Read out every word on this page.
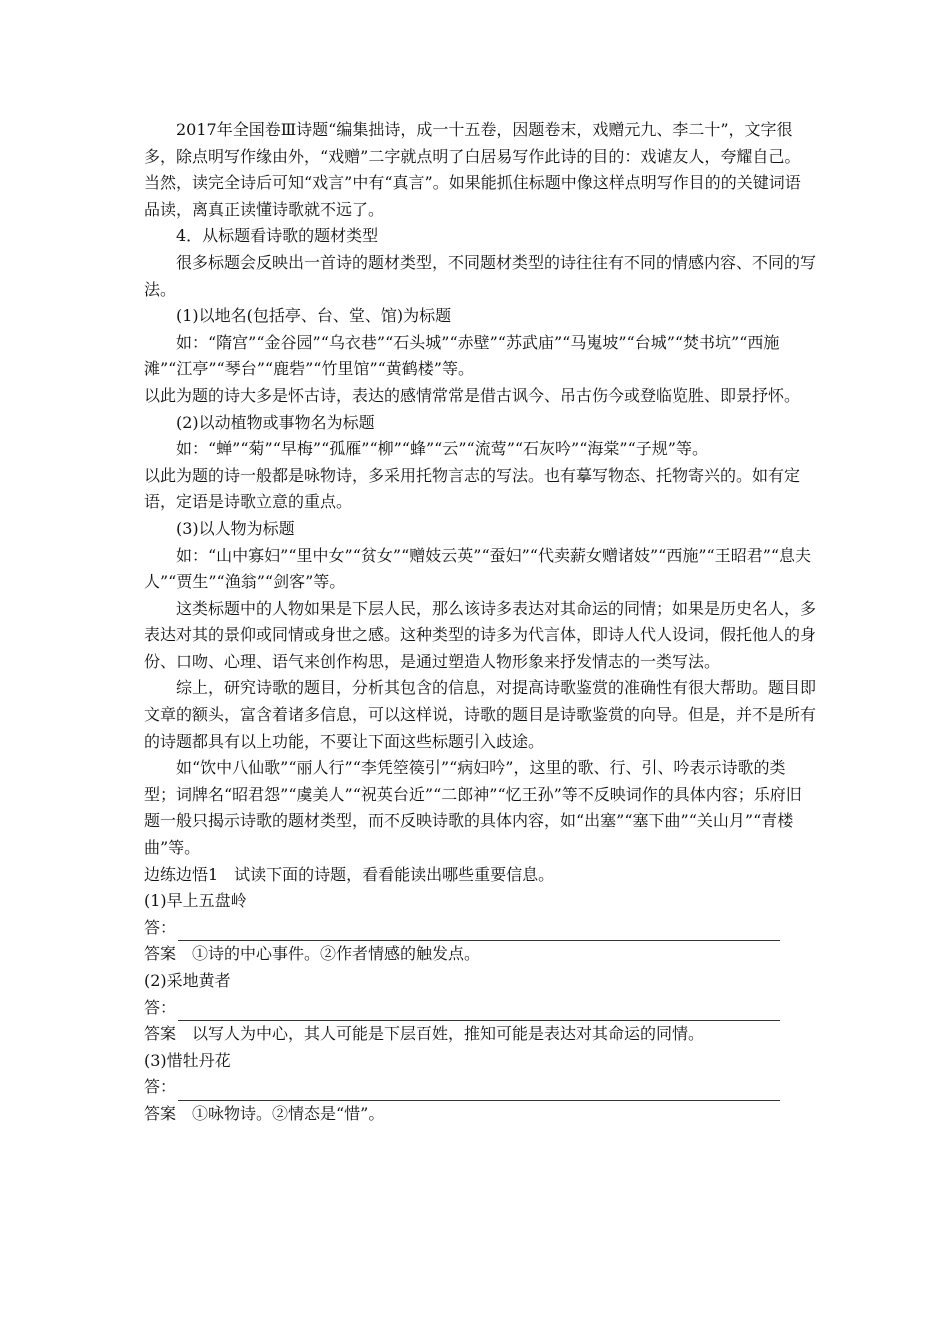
2017年全国卷Ⅲ诗题“编集拙诗，成一十五卷，因题卷末，戏赠元九、李二十”，文字很多，除点明写作缘由外，“戏赠”二字就点明了白居易写作此诗的目的：戏谑友人，夸耀自己。当然，读完全诗后可知“戏言”中有“真言”。如果能抓住标题中像这样点明写作目的的关键词语品读，离真正读懂诗歌就不远了。

4．从标题看诗歌的题材类型

很多标题会反映出一首诗的题材类型，不同题材类型的诗往往有不同的情感内容、不同的写法。

(1)以地名(包括亭、台、堂、馆)为标题

如：“隋宫”“金谷园”“乌衣巷”“石头城”“赤壁”“苏武庙”“马嵬坡”“台城”“焚书坑”“西施滩”“江亭”“琴台”“鹿砦”“竹里馆”“黄鹤楼”等。

以此为题的诗大多是怀古诗，表达的感情常常是借古讽今、吊古伤今或登临览胜、即景抒怀。

(2)以动植物或事物名为标题

如：“蝉”“菊”“早梅”“孤雁”“柳”“蜂”“云”“流莺”“石灰吟”“海棠”“子规”等。

以此为题的诗一般都是咏物诗，多采用托物言志的写法。也有摹写物态、托物寄兴的。如有定语，定语是诗歌立意的重点。

(3)以人物为标题

如：“山中寡妇”“里中女”“贫女”“赠妓云英”“蚕妇”“代卖薪女赠诸妓”“西施”“王昭君”“息夫人”“贾生”“渔翁”“剑客”等。

这类标题中的人物如果是下层人民，那么该诗多表达对其命运的同情；如果是历史名人，多表达对其的景仰或同情或身世之感。这种类型的诗多为代言体，即诗人代人设词，假托他人的身份、口吻、心理、语气来创作构思，是通过塑造人物形象来抒发情志的一类写法。

综上，研究诗歌的题目，分析其包含的信息，对提高诗歌鉴赏的准确性有很大帮助。题目即文章的额头，富含着诸多信息，可以这样说，诗歌的题目是诗歌鉴赏的向导。但是，并不是所有的诗题都具有以上功能，不要让下面这些标题引入歧途。

如“饮中八仙歌”“丽人行”“李凭箜篌引”“病妇吟”，这里的歌、行、引、吟表示诗歌的类型；词牌名“昭君怨”“虞美人”“祝英台近”“二郎神”“忆王孙”等不反映词作的具体内容；乐府旧题一般只揭示诗歌的题材类型，而不反映诗歌的具体内容，如“出塞”“塞下曲”“关山月”“青楼曲”等。

边练边悟1　试读下面的诗题，看看能读出哪些重要信息。

(1)早上五盘岭

答：

答案　①诗的中心事件。②作者情感的触发点。

(2)采地黄者

答：

答案　以写人为中心，其人可能是下层百姓，推知可能是表达对其命运的同情。

(3)惜牡丹花

答：

答案　①咏物诗。②情态是“惜”。
